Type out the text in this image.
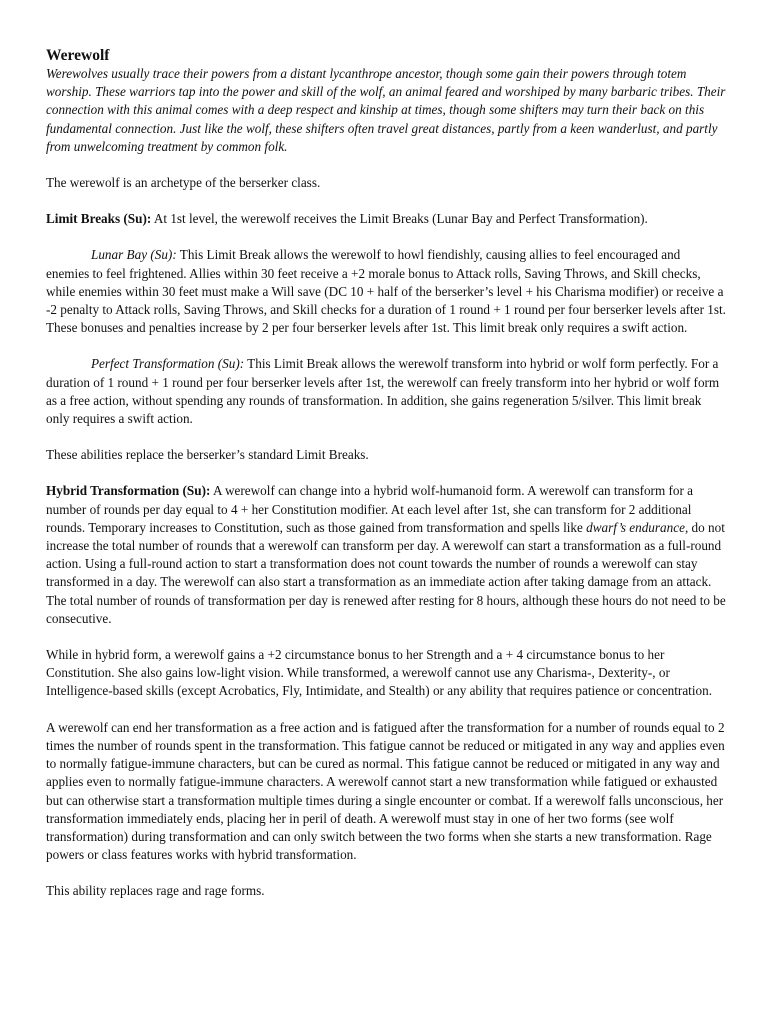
Werewolf

Werewolves usually trace their powers from a distant lycanthrope ancestor, though some gain their powers through totem worship. These warriors tap into the power and skill of the wolf, an animal feared and worshiped by many barbaric tribes. Their connection with this animal comes with a deep respect and kinship at times, though some shifters may turn their back on this fundamental connection. Just like the wolf, these shifters often travel great distances, partly from a keen wanderlust, and partly from unwelcoming treatment by common folk.

The werewolf is an archetype of the berserker class.

Limit Breaks (Su): At 1st level, the werewolf receives the Limit Breaks (Lunar Bay and Perfect Transformation).

Lunar Bay (Su): This Limit Break allows the werewolf to howl fiendishly, causing allies to feel encouraged and enemies to feel frightened. Allies within 30 feet receive a +2 morale bonus to Attack rolls, Saving Throws, and Skill checks, while enemies within 30 feet must make a Will save (DC 10 + half of the berserker’s level + his Charisma modifier) or receive a -2 penalty to Attack rolls, Saving Throws, and Skill checks for a duration of 1 round + 1 round per four berserker levels after 1st. These bonuses and penalties increase by 2 per four berserker levels after 1st. This limit break only requires a swift action.

Perfect Transformation (Su): This Limit Break allows the werewolf transform into hybrid or wolf form perfectly. For a duration of 1 round + 1 round per four berserker levels after 1st, the werewolf can freely transform into her hybrid or wolf form as a free action, without spending any rounds of transformation. In addition, she gains regeneration 5/silver. This limit break only requires a swift action.

These abilities replace the berserker’s standard Limit Breaks.

Hybrid Transformation (Su): A werewolf can change into a hybrid wolf-humanoid form. A werewolf can transform for a number of rounds per day equal to 4 + her Constitution modifier. At each level after 1st, she can transform for 2 additional rounds. Temporary increases to Constitution, such as those gained from transformation and spells like dwarf’s endurance, do not increase the total number of rounds that a werewolf can transform per day. A werewolf can start a transformation as a full-round action. Using a full-round action to start a transformation does not count towards the number of rounds a werewolf can stay transformed in a day. The werewolf can also start a transformation as an immediate action after taking damage from an attack. The total number of rounds of transformation per day is renewed after resting for 8 hours, although these hours do not need to be consecutive.

While in hybrid form, a werewolf gains a +2 circumstance bonus to her Strength and a + 4 circumstance bonus to her Constitution. She also gains low-light vision. While transformed, a werewolf cannot use any Charisma-, Dexterity-, or Intelligence-based skills (except Acrobatics, Fly, Intimidate, and Stealth) or any ability that requires patience or concentration.

A werewolf can end her transformation as a free action and is fatigued after the transformation for a number of rounds equal to 2 times the number of rounds spent in the transformation. This fatigue cannot be reduced or mitigated in any way and applies even to normally fatigue-immune characters, but can be cured as normal. This fatigue cannot be reduced or mitigated in any way and applies even to normally fatigue-immune characters. A werewolf cannot start a new transformation while fatigued or exhausted but can otherwise start a transformation multiple times during a single encounter or combat. If a werewolf falls unconscious, her transformation immediately ends, placing her in peril of death. A werewolf must stay in one of her two forms (see wolf transformation) during transformation and can only switch between the two forms when she starts a new transformation. Rage powers or class features works with hybrid transformation.

This ability replaces rage and rage forms.
